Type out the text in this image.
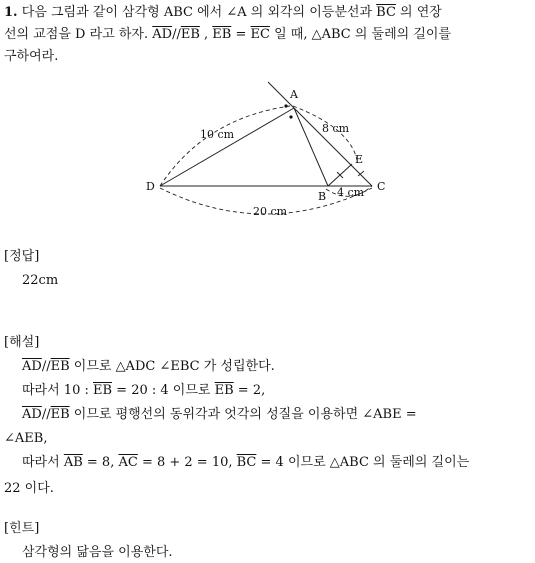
1. 다음 그림과 같이 삼각형 ABC 에서 ∠A 의 외각의 이등분선과 $\overline{BC}$ 의 연장
선의 교점을 D 라고 하자. $\overline{AD}//\overline{EB}$ , $\overline{EB} = \overline{EC}$ 일 때, △ABC 의 둘레의 길이를
구하여라.
A
B
C
D
E
10 cm	8 cm
4 cm
20 cm
[정답]
22cm
[해설]
$\overline{AD}//\overline{EB}$ 이므로 △ADC ∠EBC 가 성립한다.
따라서 10 : $\overline{EB} = 20$ : 4 이므로 $\overline{EB} = 2$,
$\overline{AD}//\overline{EB}$ 이므로 평행선의 동위각과 엇각의 성질을 이용하면 ∠ABE =
∠AEB,
따라서 $\overline{AB} = 8$, $\overline{AC} = 8 + 2 = 10$, $\overline{BC} = 4$ 이므로 △ABC 의 둘레의 길이는
22 이다.
[힌트]
삼각형의 닮음을 이용한다.
